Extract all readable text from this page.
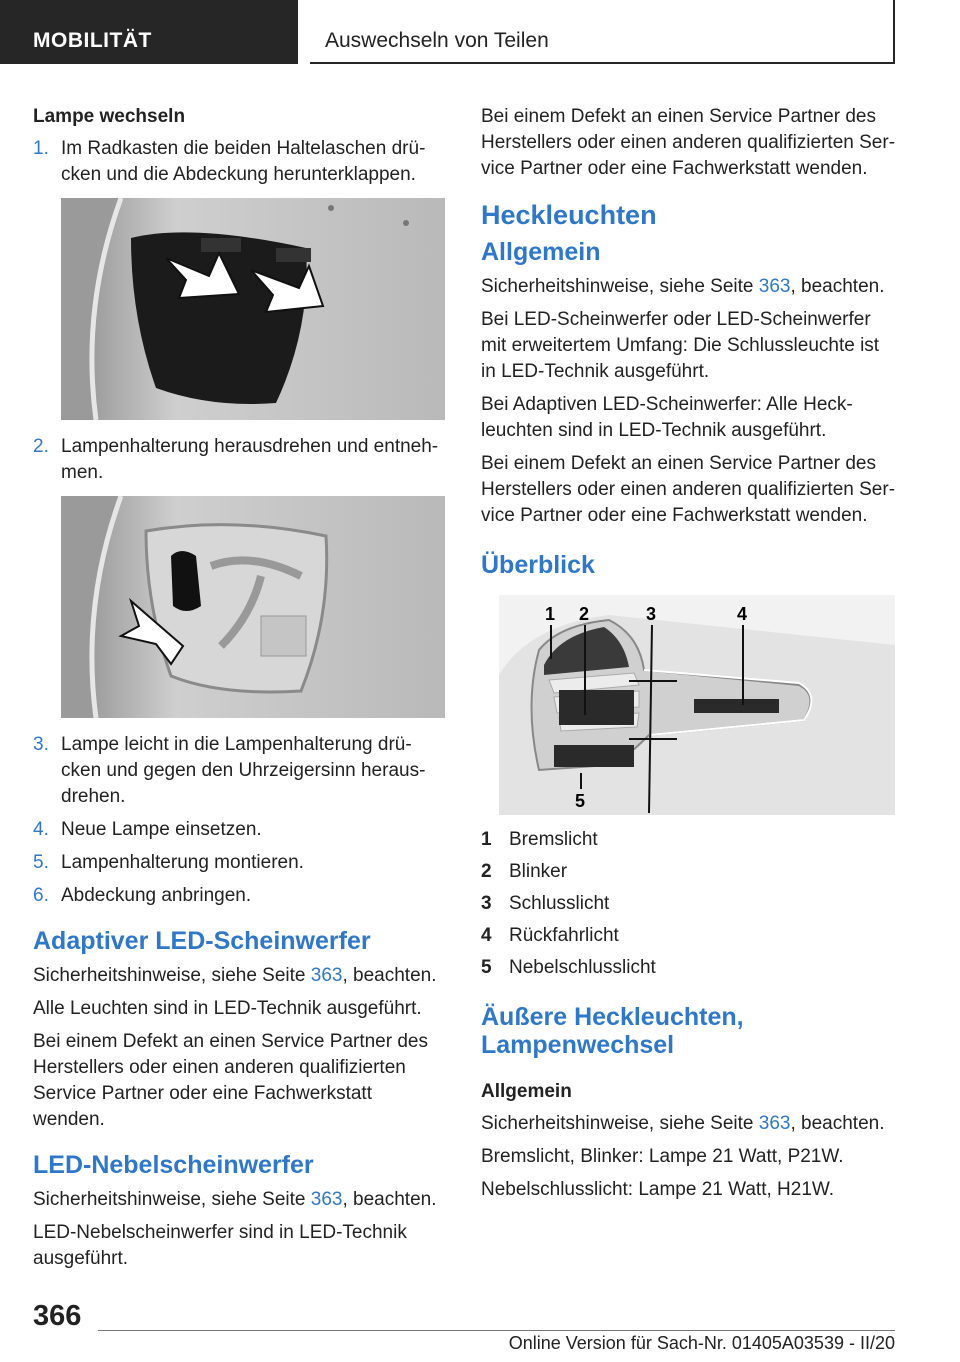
MOBILITÄT	Auswechseln von Teilen

Lampe wechseln

1. Im Radkasten die beiden Haltelaschen drücken und die Abdeckung herunterklappen.
2. Lampenhalterung herausdrehen und entnehmen.
3. Lampe leicht in die Lampenhalterung drücken und gegen den Uhrzeigersinn herausdrehen.
4. Neue Lampe einsetzen.
5. Lampenhalterung montieren.
6. Abdeckung anbringen.
Adaptiver LED-Scheinwerfer

Sicherheitshinweise, siehe Seite 363, beachten.

Alle Leuchten sind in LED-Technik ausgeführt.

Bei einem Defekt an einen Service Partner des Herstellers oder einen anderen qualifizierten Service Partner oder eine Fachwerkstatt wenden.

LED-Nebelscheinwerfer

Sicherheitshinweise, siehe Seite 363, beachten.

LED-Nebelscheinwerfer sind in LED-Technik ausgeführt.

Bei einem Defekt an einen Service Partner des Herstellers oder einen anderen qualifizierten Service Partner oder eine Fachwerkstatt wenden.

Heckleuchten
Allgemein

Sicherheitshinweise, siehe Seite 363, beachten.

Bei LED-Scheinwerfer oder LED-Scheinwerfer mit erweitertem Umfang: Die Schlussleuchte ist in LED-Technik ausgeführt.

Bei Adaptiven LED-Scheinwerfer: Alle Heckleuchten sind in LED-Technik ausgeführt.

Bei einem Defekt an einen Service Partner des Herstellers oder einen anderen qualifizierten Service Partner oder eine Fachwerkstatt wenden.

Überblick
1 2	3	4
5
1 Bremslicht
2 Blinker
3 Schlusslicht
4 Rückfahrlicht
5 Nebelschlusslicht
Äußere Heckleuchten, Lampenwechsel

Allgemein

Sicherheitshinweise, siehe Seite 363, beachten.

Bremslicht, Blinker: Lampe 21 Watt, P21W.

Nebelschlusslicht: Lampe 21 Watt, H21W.

366
Online Version für Sach-Nr. 01405A03539 - II/20
